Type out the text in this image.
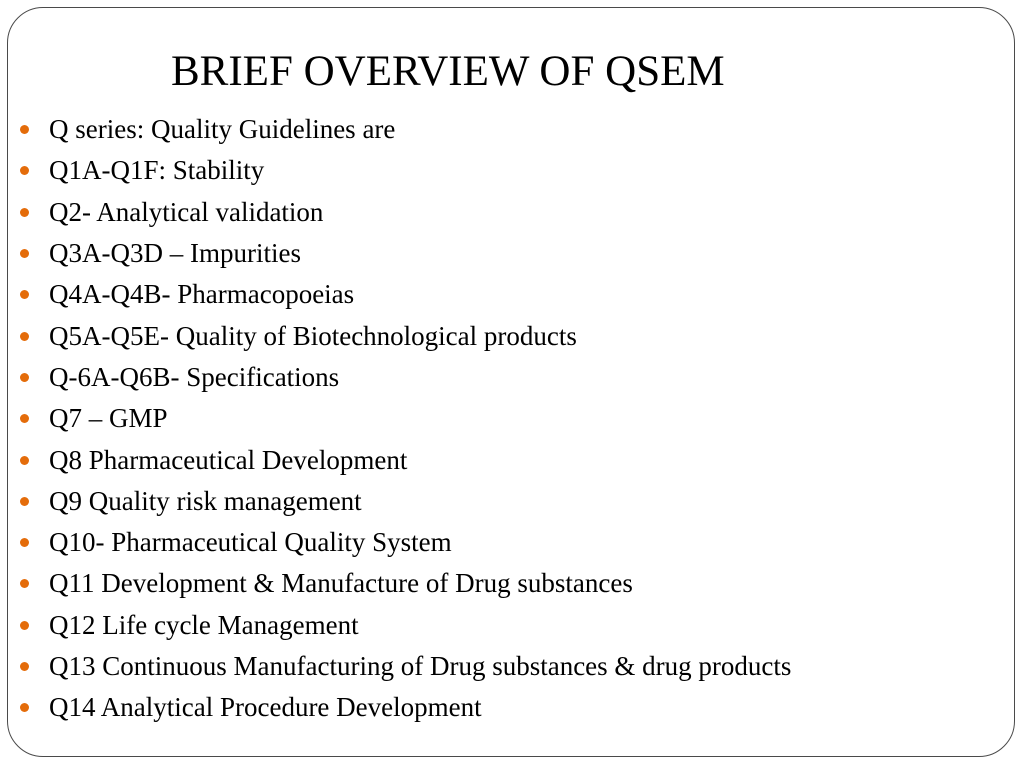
BRIEF OVERVIEW OF QSEM
Q series: Quality Guidelines are
Q1A-Q1F: Stability
Q2- Analytical validation
Q3A-Q3D – Impurities
Q4A-Q4B- Pharmacopoeias
Q5A-Q5E- Quality of Biotechnological products
Q-6A-Q6B- Specifications
Q7 – GMP
Q8 Pharmaceutical Development
Q9 Quality risk management
Q10- Pharmaceutical Quality System
Q11 Development & Manufacture of Drug substances
Q12 Life cycle Management
Q13 Continuous Manufacturing of Drug substances & drug products
Q14 Analytical Procedure Development
